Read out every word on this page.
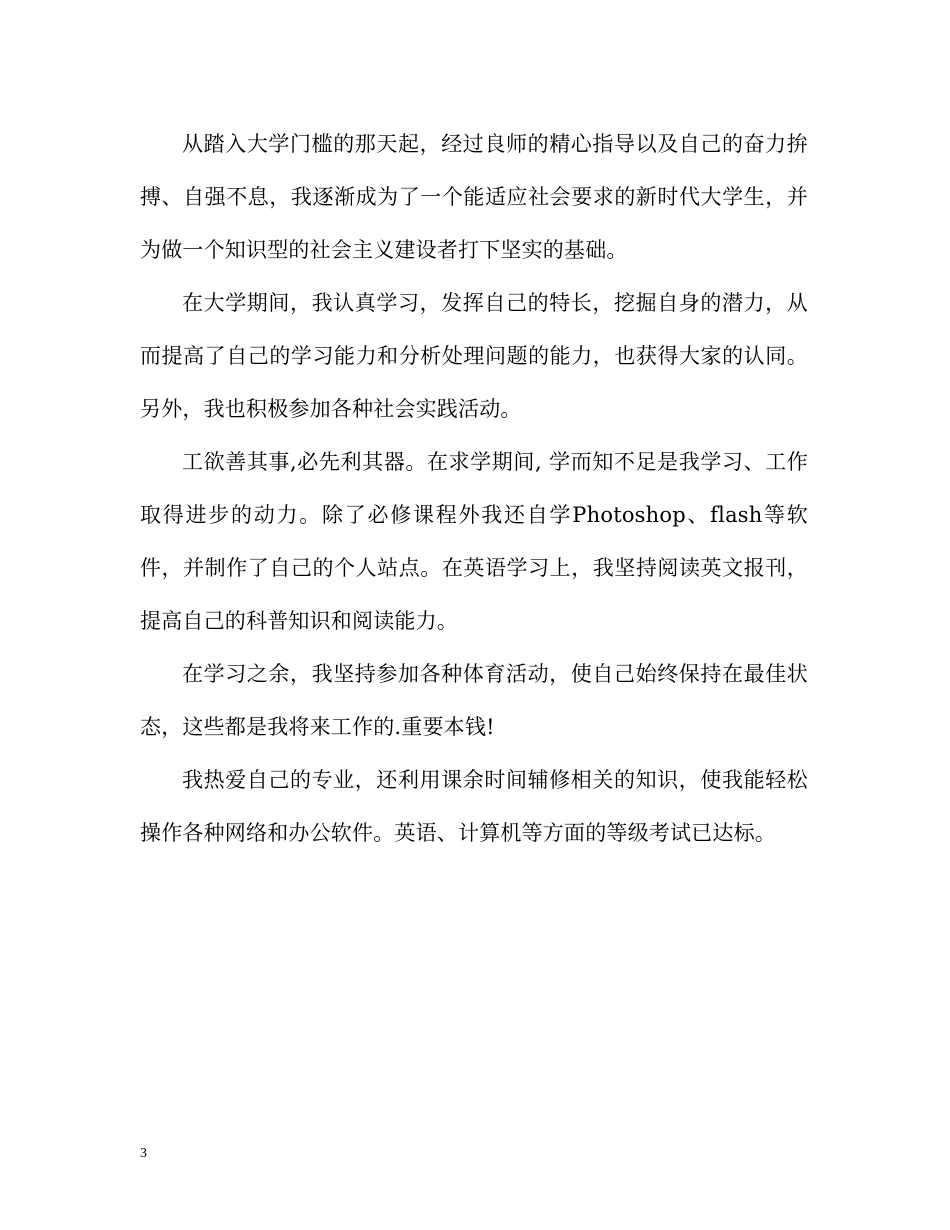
从踏入大学门槛的那天起，经过良师的精心指导以及自己的奋力拚搏、自强不息，我逐渐成为了一个能适应社会要求的新时代大学生，并为做一个知识型的社会主义建设者打下坚实的基础。

在大学期间，我认真学习，发挥自己的特长，挖掘自身的潜力，从而提高了自己的学习能力和分析处理问题的能力，也获得大家的认同。另外，我也积极参加各种社会实践活动。

工欲善其事,必先利其器。在求学期间, 学而知不足是我学习、工作取得进步的动力。除了必修课程外我还自学Photoshop、flash等软件，并制作了自己的个人站点。在英语学习上，我坚持阅读英文报刊，提高自己的科普知识和阅读能力。

在学习之余，我坚持参加各种体育活动，使自己始终保持在最佳状态，这些都是我将来工作的.重要本钱!

我热爱自己的专业，还利用课余时间辅修相关的知识，使我能轻松操作各种网络和办公软件。英语、计算机等方面的等级考试已达标。

3
